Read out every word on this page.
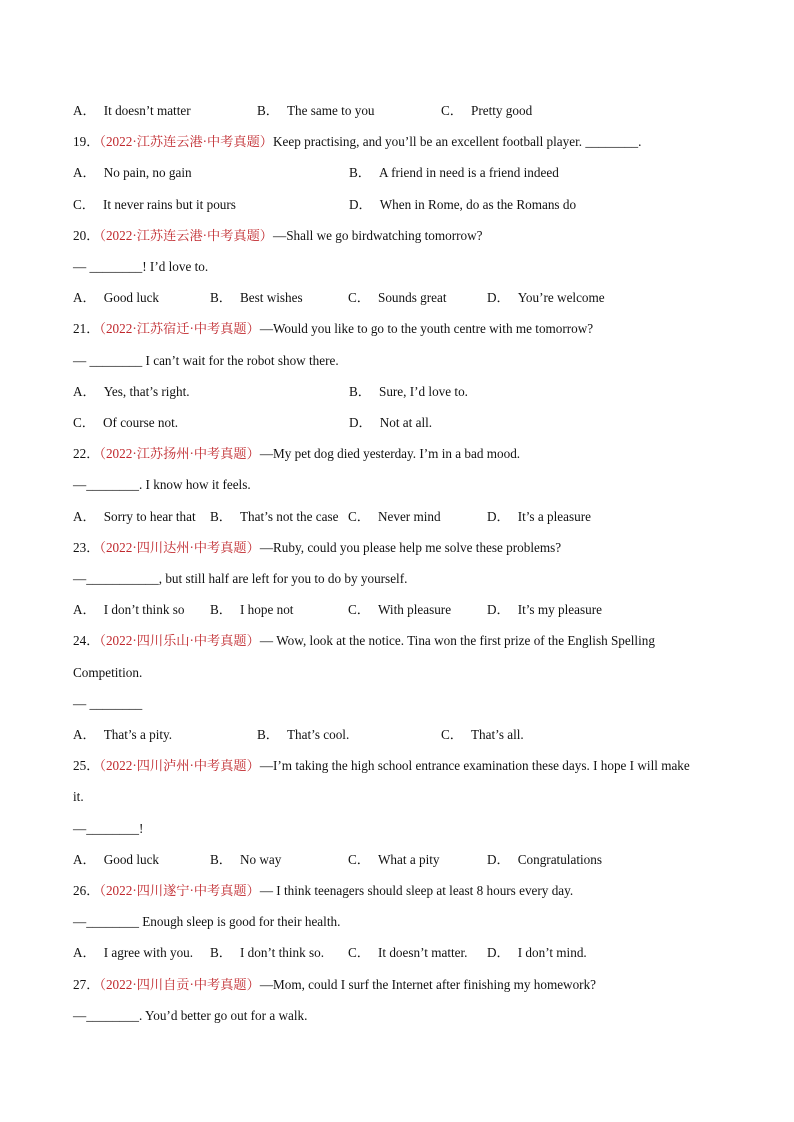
A． It doesn’t matter	B． The same to you	C． Pretty good
19．（2022·江苏连云港·中考真题）Keep practising, and you’ll be an excellent football player. ________.
A． No pain, no gain	B． A friend in need is a friend indeed
C． It never rains but it pours	D． When in Rome, do as the Romans do
20．（2022·江苏连云港·中考真题）—Shall we go birdwatching tomorrow?
— ________! I’d love to.
A． Good luck	B． Best wishes	C． Sounds great	D． You’re welcome
21．（2022·江苏宿迁·中考真题）—Would you like to go to the youth centre with me tomorrow?
— ________ I can’t wait for the robot show there.
A． Yes, that’s right.	B． Sure, I’d love to.
C． Of course not.	D． Not at all.
22．（2022·江苏扬州·中考真题）—My pet dog died yesterday. I’m in a bad mood.
—________. I know how it feels.
A． Sorry to hear that B． That’s not the case C． Never mind	D． It’s a pleasure
23．（2022·四川达州·中考真题）—Ruby, could you please help me solve these problems?
—___________, but still half are left for you to do by yourself.
A． I don’t think so B． I hope not	C． With pleasure	D． It’s my pleasure
24．（2022·四川乐山·中考真题）— Wow, look at the notice. Tina won the first prize of the English Spelling
Competition.
— ________
A． That’s a pity.	B． That’s cool.	C． That’s all.
25．（2022·四川泸州·中考真题）—I’m taking the high school entrance examination these days. I hope I will make
it.
—________!
A． Good luck	B． No way	C． What a pity	D． Congratulations
26．（2022·四川遂宁·中考真题）— I think teenagers should sleep at least 8 hours every day.
—________ Enough sleep is good for their health.
A． I agree with you. B． I don’t think so. C． It doesn’t matter. D． I don’t mind.
27．（2022·四川自贡·中考真题）—Mom, could I surf the Internet after finishing my homework?
—________. You’d better go out for a walk.
